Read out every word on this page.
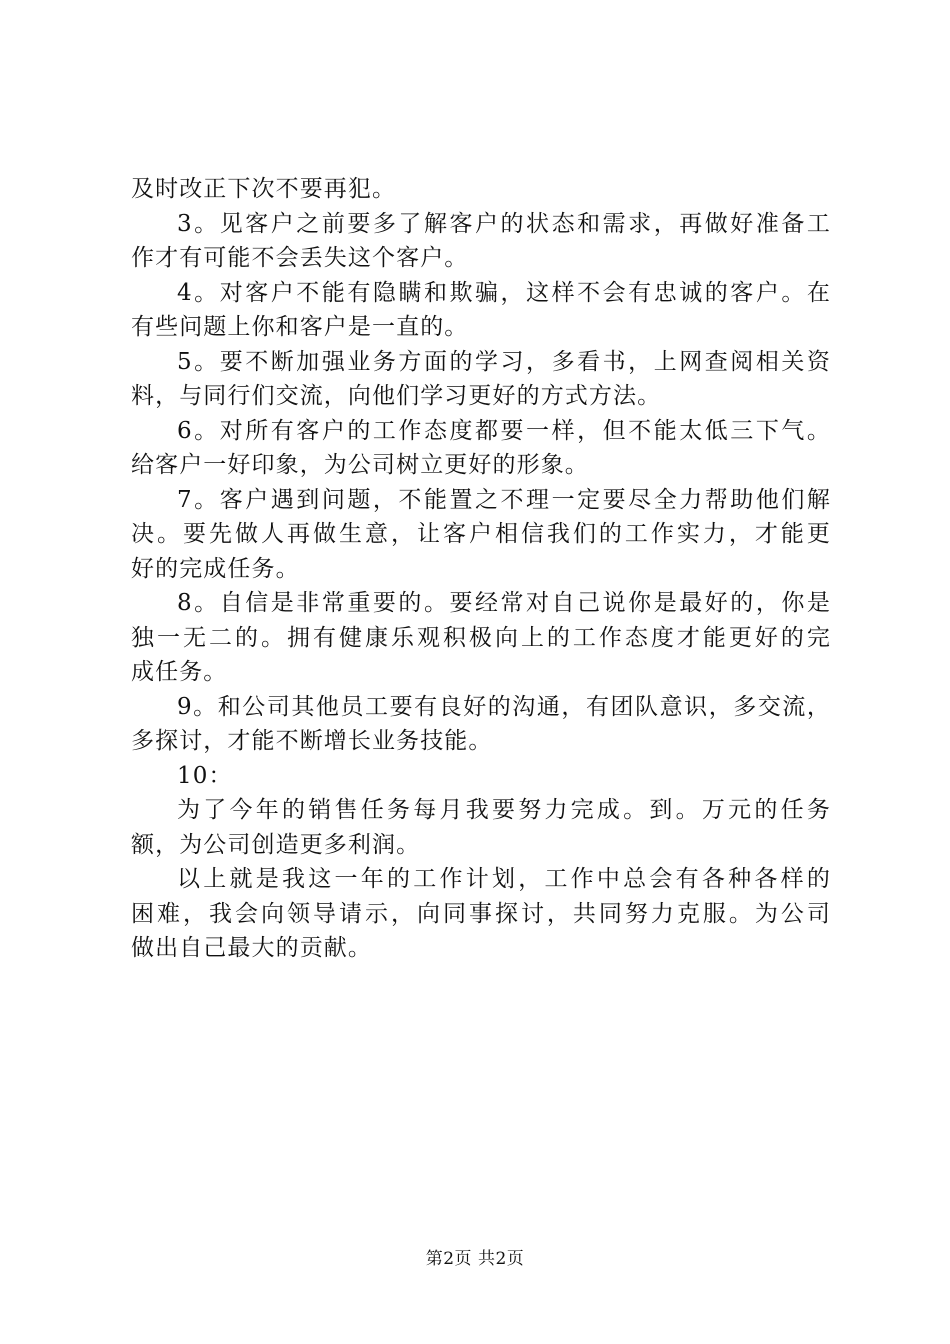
及时改正下次不要再犯。
3。见客户之前要多了解客户的状态和需求，再做好准备工
作才有可能不会丢失这个客户。
4。对客户不能有隐瞒和欺骗，这样不会有忠诚的客户。在
有些问题上你和客户是一直的。
5。要不断加强业务方面的学习，多看书，上网查阅相关资
料，与同行们交流，向他们学习更好的方式方法。
6。对所有客户的工作态度都要一样，但不能太低三下气。
给客户一好印象，为公司树立更好的形象。
7。客户遇到问题，不能置之不理一定要尽全力帮助他们解
决。要先做人再做生意，让客户相信我们的工作实力，才能更
好的完成任务。
8。自信是非常重要的。要经常对自己说你是最好的，你是
独一无二的。拥有健康乐观积极向上的工作态度才能更好的完
成任务。
9。和公司其他员工要有良好的沟通，有团队意识，多交流，
多探讨，才能不断增长业务技能。
10：
为了今年的销售任务每月我要努力完成。到。万元的任务
额，为公司创造更多利润。
以上就是我这一年的工作计划，工作中总会有各种各样的
困难，我会向领导请示，向同事探讨，共同努力克服。为公司
做出自己最大的贡献。
第2页 共2页
